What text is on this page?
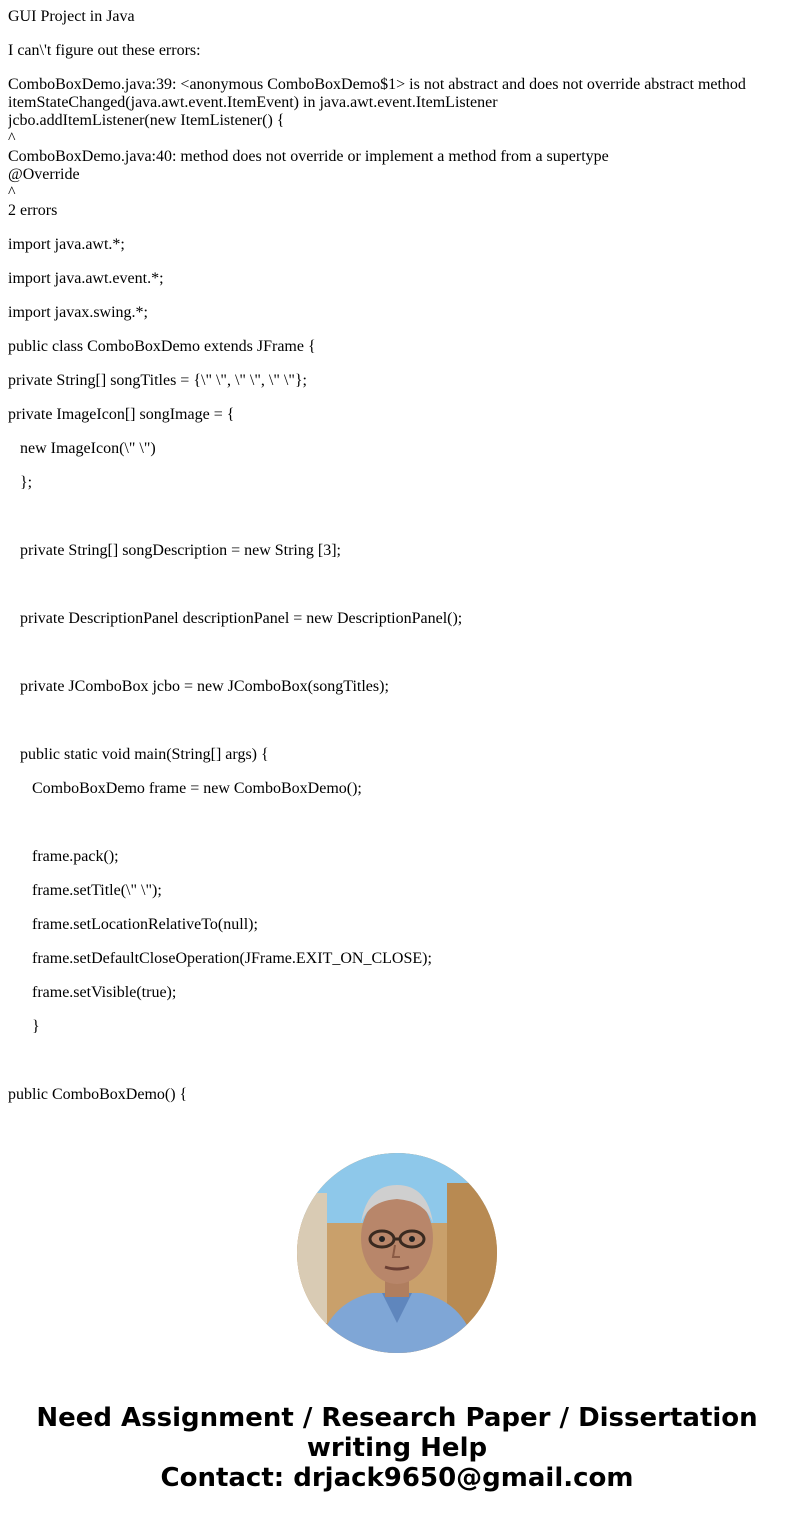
GUI Project in Java

I can\'t figure out these errors:

ComboBoxDemo.java:39: <anonymous ComboBoxDemo$1> is not abstract and does not override abstract method
itemStateChanged(java.awt.event.ItemEvent) in java.awt.event.ItemListener
jcbo.addItemListener(new ItemListener() {
^
ComboBoxDemo.java:40: method does not override or implement a method from a supertype
@Override
^
2 errors

import java.awt.*;

import java.awt.event.*;

import javax.swing.*;

public class ComboBoxDemo extends JFrame {

private String[] songTitles = {\" \", \" \", \" \"};

private ImageIcon[] songImage = {

new ImageIcon(\" \")

};

private String[] songDescription = new String [3];

private DescriptionPanel descriptionPanel = new DescriptionPanel();

private JComboBox jcbo = new JComboBox(songTitles);

public static void main(String[] args) {

ComboBoxDemo frame = new ComboBoxDemo();

frame.pack();

frame.setTitle(\" \");

frame.setLocationRelativeTo(null);

frame.setDefaultCloseOperation(JFrame.EXIT_ON_CLOSE);

frame.setVisible(true);

}

public ComboBoxDemo() {

Need Assignment / Research Paper / Dissertation
writing Help
Contact: drjack9650@gmail.com
